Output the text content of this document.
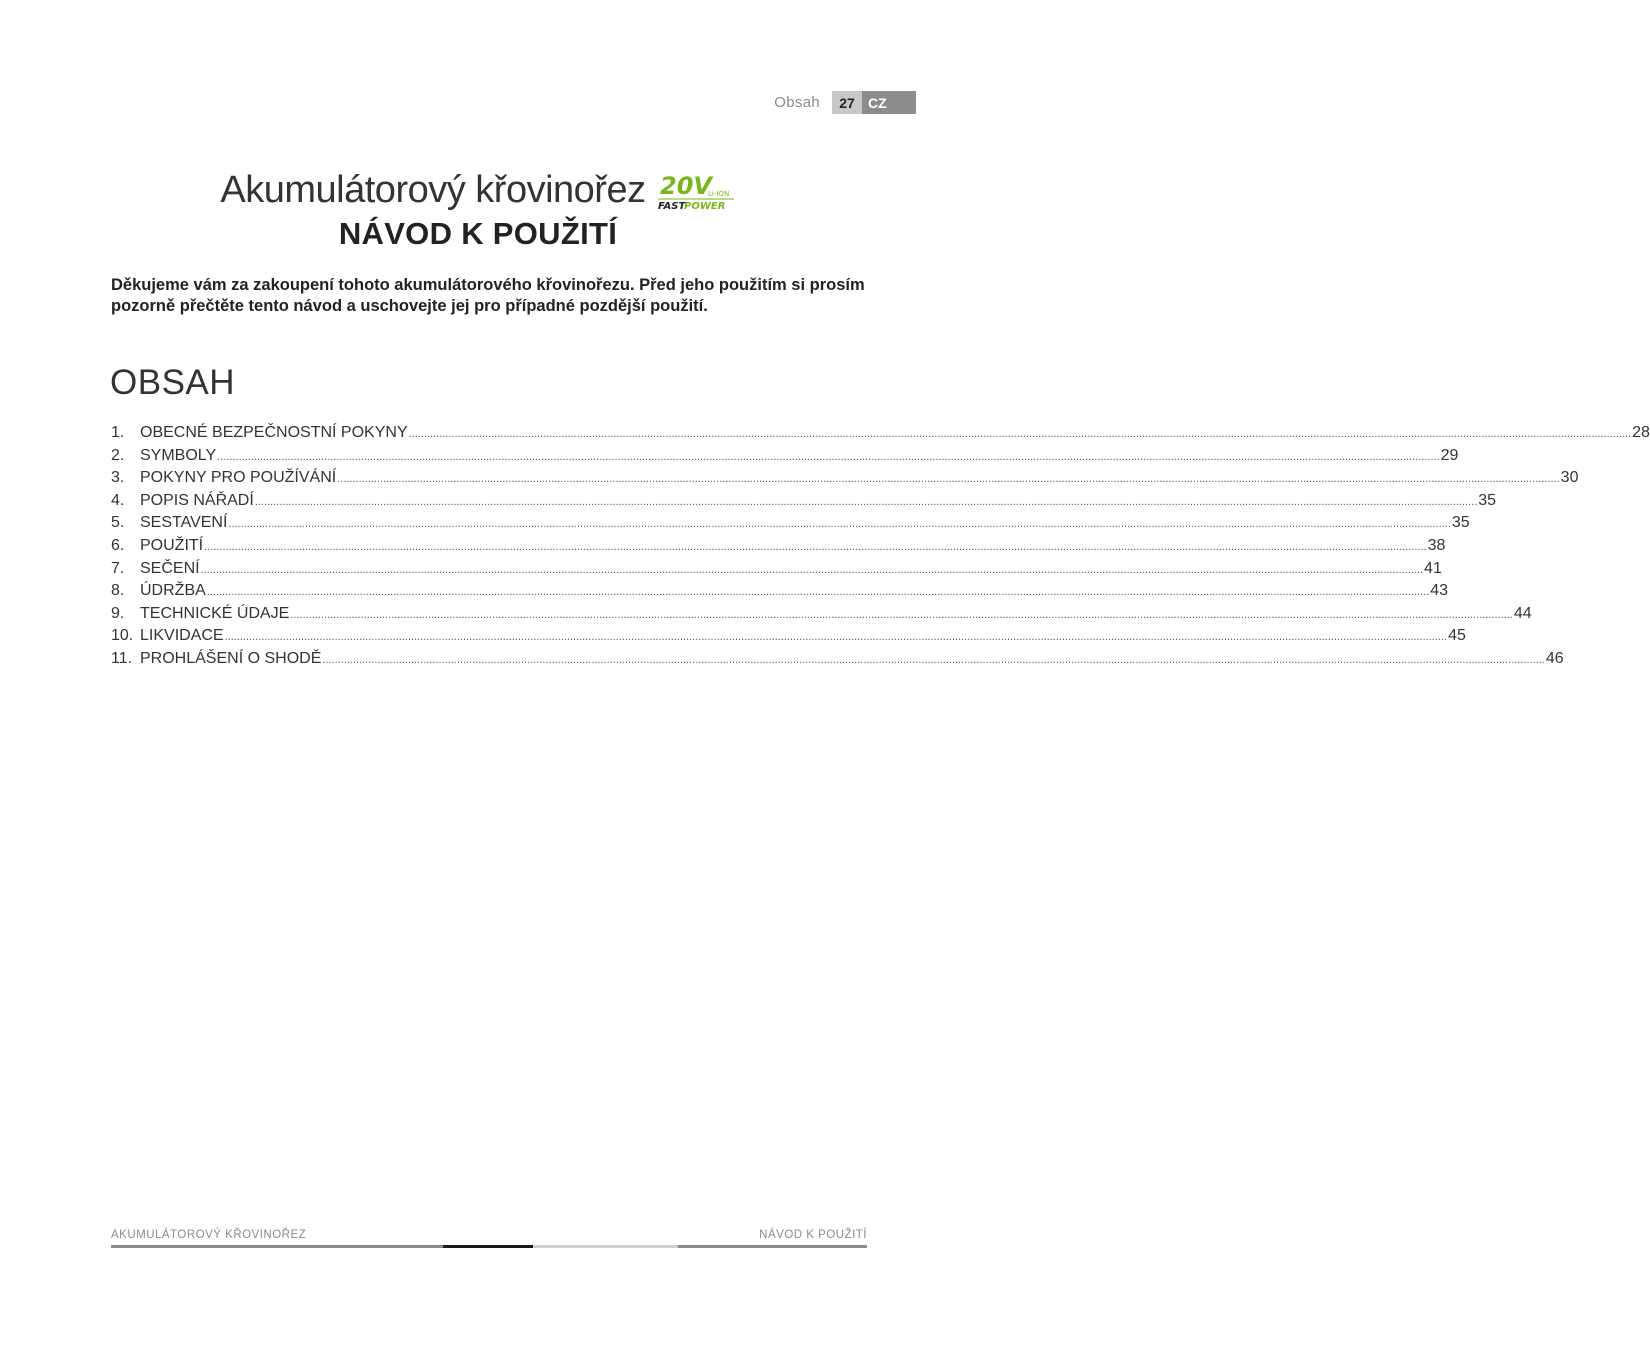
Obsah	27 CZ
Akumulátorový křovinořez 20V
Li-ION
FAST
POWER
NÁVOD K POUŽITÍ

Děkujeme vám za zakoupení tohoto akumulátorového křovinořezu. Před jeho použitím si prosím pozorně přečtěte tento návod a uschovejte jej pro případné pozdější použití.

OBSAH
1. OBECNÉ BEZPEČNOSTNÍ POKYNY ................................................................................................................................................................................................................................................................................................................................................................................................................ 28
2. SYMBOLY ................................................................................................................................................................................................................................................................................................................................................................................................................ 29
3. POKYNY PRO POUŽÍVÁNÍ ................................................................................................................................................................................................................................................................................................................................................................................................................ 30
4. POPIS NÁŘADÍ ................................................................................................................................................................................................................................................................................................................................................................................................................ 35
5. SESTAVENÍ ................................................................................................................................................................................................................................................................................................................................................................................................................ 35
6. POUŽITÍ ................................................................................................................................................................................................................................................................................................................................................................................................................ 38
7. SEČENÍ ................................................................................................................................................................................................................................................................................................................................................................................................................ 41
8. ÚDRŽBA ................................................................................................................................................................................................................................................................................................................................................................................................................ 43
9. TECHNICKÉ ÚDAJE ................................................................................................................................................................................................................................................................................................................................................................................................................ 44
10. LIKVIDACE ................................................................................................................................................................................................................................................................................................................................................................................................................ 45
11. PROHLÁŠENÍ O SHODĚ ................................................................................................................................................................................................................................................................................................................................................................................................................ 46
AKUMULÁTOROVÝ KŘOVINOŘEZ	NÁVOD K POUŽITÍ
